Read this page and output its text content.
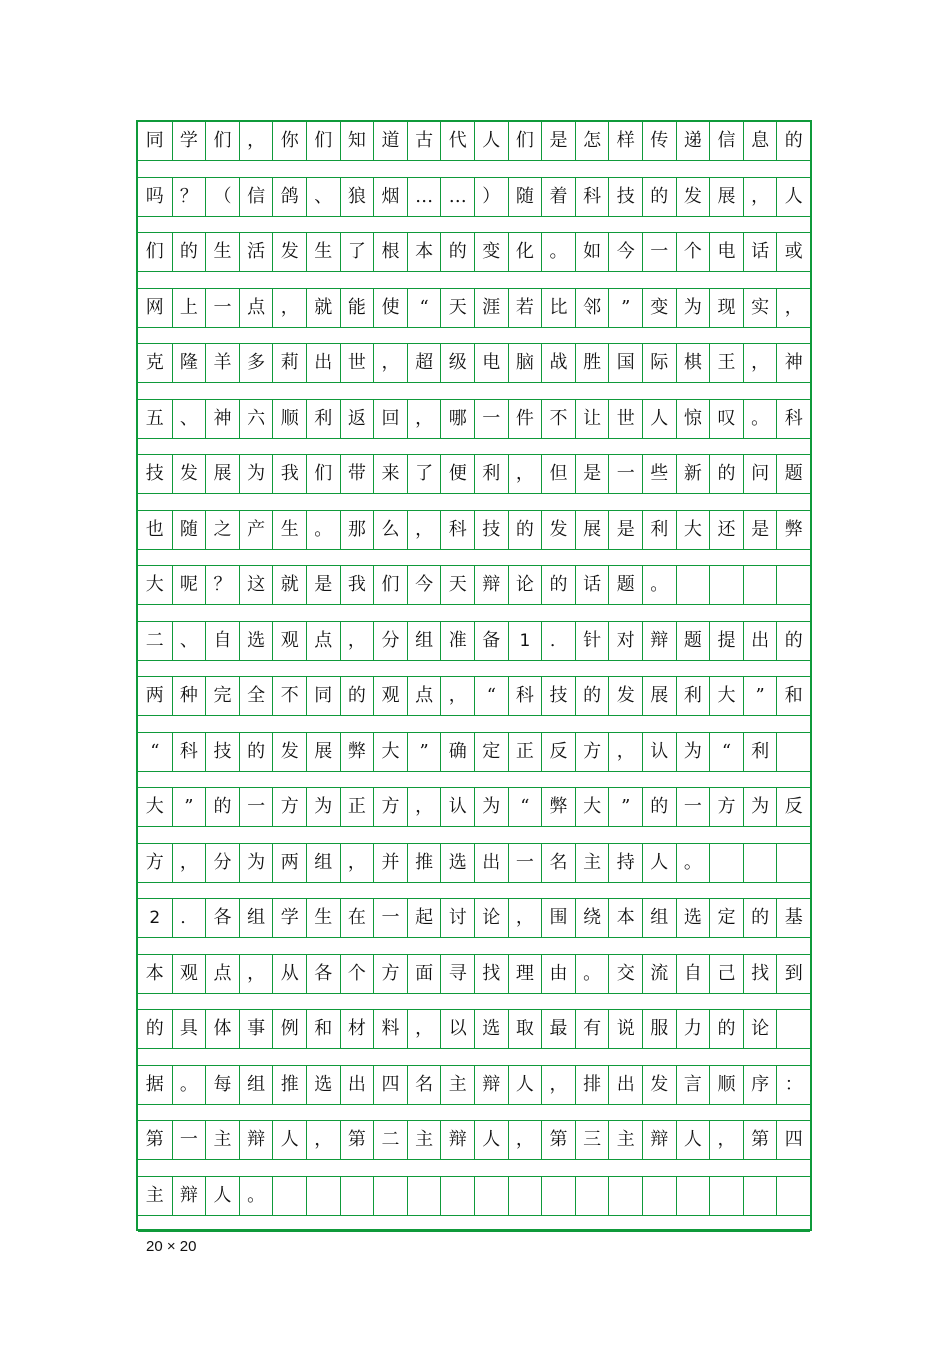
同 学 们 ， 你 们 知 道 古 代 人 们 是 怎 样 传 递 信 息 的
吗 ？ （ 信 鸽 、 狼 烟 … … ） 随 着 科 技 的 发 展 ， 人
们 的 生 活 发 生 了 根 本 的 变 化 。 如 今 一 个 电 话 或
网 上 一 点 ， 就 能 使	“	天 涯 若 比 邻	”	变 为 现 实 ，
克 隆 羊 多 莉 出 世 ， 超 级 电 脑 战 胜 国 际 棋 王 ， 神
五 、 神 六 顺 利 返 回 ， 哪 一 件 不 让 世 人 惊 叹 。 科
技 发 展 为 我 们 带 来 了 便 利 ， 但 是 一 些 新 的 问 题
也 随 之 产 生 。 那 么 ， 科 技 的 发 展 是 利 大 还 是 弊
大 呢 ？ 这 就 是 我 们 今 天 辩 论 的 话 题 。
二 、 自 选 观 点 ， 分 组 准 备	1	． 针 对 辩 题 提 出 的
两 种 完 全 不 同 的 观 点 ，	“	科 技 的 发 展 利 大	”	和
“	科 技 的 发 展 弊 大	”	确 定 正 反 方 ， 认 为	“	利
大	”	的 一 方 为 正 方 ， 认 为	“	弊 大	”	的 一 方 为 反
方 ， 分 为 两 组 ， 并 推 选 出 一 名 主 持 人 。
2	． 各 组 学 生 在 一 起 讨 论 ， 围 绕 本 组 选 定 的 基
本 观 点 ， 从 各 个 方 面 寻 找 理 由 。 交 流 自 己 找 到
的 具 体 事 例 和 材 料 ， 以 选 取 最 有 说 服 力 的 论
据 。 每 组 推 选 出 四 名 主 辩 人 ， 排 出 发 言 顺 序 ：
第 一 主 辩 人 ， 第 二 主 辩 人 ， 第 三 主 辩 人 ， 第 四
主 辩 人 。
20 × 20
